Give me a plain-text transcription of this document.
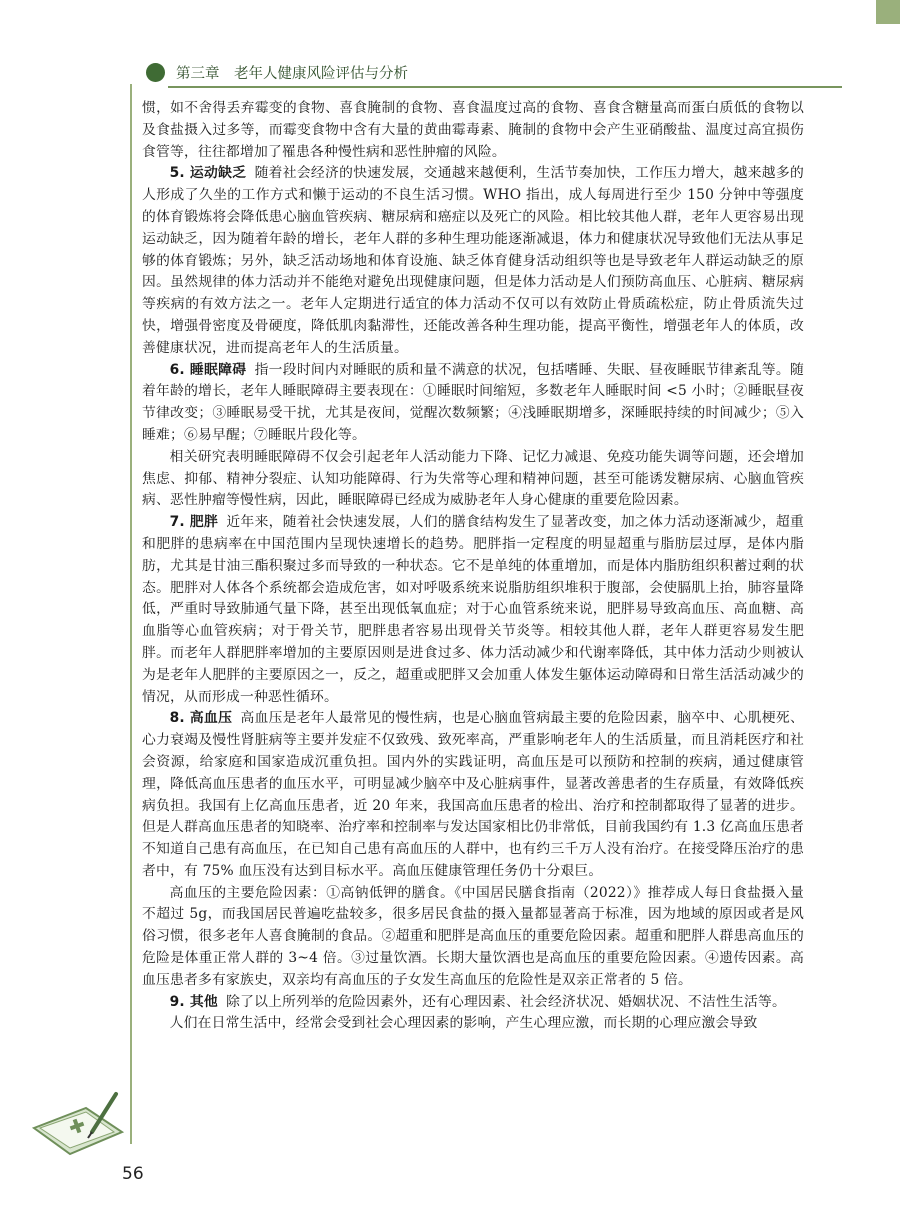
第三章　老年人健康风险评估与分析

惯，如不舍得丢弃霉变的食物、喜食腌制的食物、喜食温度过高的食物、喜食含糖量高而蛋白质低的食物以及食盐摄入过多等，而霉变食物中含有大量的黄曲霉毒素、腌制的食物中会产生亚硝酸盐、温度过高宜损伤食管等，往往都增加了罹患各种慢性病和恶性肿瘤的风险。

5. 运动缺乏 随着社会经济的快速发展，交通越来越便利，生活节奏加快，工作压力增大，越来越多的人形成了久坐的工作方式和懒于运动的不良生活习惯。WHO 指出，成人每周进行至少 150 分钟中等强度的体育锻炼将会降低患心脑血管疾病、糖尿病和癌症以及死亡的风险。相比较其他人群，老年人更容易出现运动缺乏，因为随着年龄的增长，老年人群的多种生理功能逐渐减退，体力和健康状况导致他们无法从事足够的体育锻炼；另外，缺乏活动场地和体育设施、缺乏体育健身活动组织等也是导致老年人群运动缺乏的原因。虽然规律的体力活动并不能绝对避免出现健康问题，但是体力活动是人们预防高血压、心脏病、糖尿病等疾病的有效方法之一。老年人定期进行适宜的体力活动不仅可以有效防止骨质疏松症，防止骨质流失过快，增强骨密度及骨硬度，降低肌肉黏滞性，还能改善各种生理功能，提高平衡性，增强老年人的体质，改善健康状况，进而提高老年人的生活质量。

6. 睡眠障碍 指一段时间内对睡眠的质和量不满意的状况，包括嗜睡、失眠、昼夜睡眠节律紊乱等。随着年龄的增长，老年人睡眠障碍主要表现在：①睡眠时间缩短，多数老年人睡眠时间 <5 小时；②睡眠昼夜节律改变；③睡眠易受干扰，尤其是夜间，觉醒次数频繁；④浅睡眠期增多，深睡眠持续的时间减少；⑤入睡难；⑥易早醒；⑦睡眠片段化等。

相关研究表明睡眠障碍不仅会引起老年人活动能力下降、记忆力减退、免疫功能失调等问题，还会增加焦虑、抑郁、精神分裂症、认知功能障碍、行为失常等心理和精神问题，甚至可能诱发糖尿病、心脑血管疾病、恶性肿瘤等慢性病，因此，睡眠障碍已经成为威胁老年人身心健康的重要危险因素。

7. 肥胖 近年来，随着社会快速发展，人们的膳食结构发生了显著改变，加之体力活动逐渐减少，超重和肥胖的患病率在中国范围内呈现快速增长的趋势。肥胖指一定程度的明显超重与脂肪层过厚，是体内脂肪，尤其是甘油三酯积聚过多而导致的一种状态。它不是单纯的体重增加，而是体内脂肪组织积蓄过剩的状态。肥胖对人体各个系统都会造成危害，如对呼吸系统来说脂肪组织堆积于腹部，会使膈肌上抬，肺容量降低，严重时导致肺通气量下降，甚至出现低氧血症；对于心血管系统来说，肥胖易导致高血压、高血糖、高血脂等心血管疾病；对于骨关节，肥胖患者容易出现骨关节炎等。相较其他人群，老年人群更容易发生肥胖。而老年人群肥胖率增加的主要原因则是进食过多、体力活动减少和代谢率降低，其中体力活动少则被认为是老年人肥胖的主要原因之一，反之，超重或肥胖又会加重人体发生躯体运动障碍和日常生活活动减少的情况，从而形成一种恶性循环。

8. 高血压 高血压是老年人最常见的慢性病，也是心脑血管病最主要的危险因素，脑卒中、心肌梗死、心力衰竭及慢性肾脏病等主要并发症不仅致残、致死率高，严重影响老年人的生活质量，而且消耗医疗和社会资源，给家庭和国家造成沉重负担。国内外的实践证明，高血压是可以预防和控制的疾病，通过健康管理，降低高血压患者的血压水平，可明显减少脑卒中及心脏病事件，显著改善患者的生存质量，有效降低疾病负担。我国有上亿高血压患者，近 20 年来，我国高血压患者的检出、治疗和控制都取得了显著的进步。但是人群高血压患者的知晓率、治疗率和控制率与发达国家相比仍非常低，目前我国约有 1.3 亿高血压患者不知道自己患有高血压，在已知自己患有高血压的人群中，也有约三千万人没有治疗。在接受降压治疗的患者中，有 75% 血压没有达到目标水平。高血压健康管理任务仍十分艰巨。

高血压的主要危险因素：①高钠低钾的膳食。《中国居民膳食指南（2022）》推荐成人每日食盐摄入量不超过 5g，而我国居民普遍吃盐较多，很多居民食盐的摄入量都显著高于标准，因为地域的原因或者是风俗习惯，很多老年人喜食腌制的食品。②超重和肥胖是高血压的重要危险因素。超重和肥胖人群患高血压的危险是体重正常人群的 3~4 倍。③过量饮酒。长期大量饮酒也是高血压的重要危险因素。④遗传因素。高血压患者多有家族史，双亲均有高血压的子女发生高血压的危险性是双亲正常者的 5 倍。

9. 其他 除了以上所列举的危险因素外，还有心理因素、社会经济状况、婚姻状况、不洁性生活等。

人们在日常生活中，经常会受到社会心理因素的影响，产生心理应激，而长期的心理应激会导致

56
